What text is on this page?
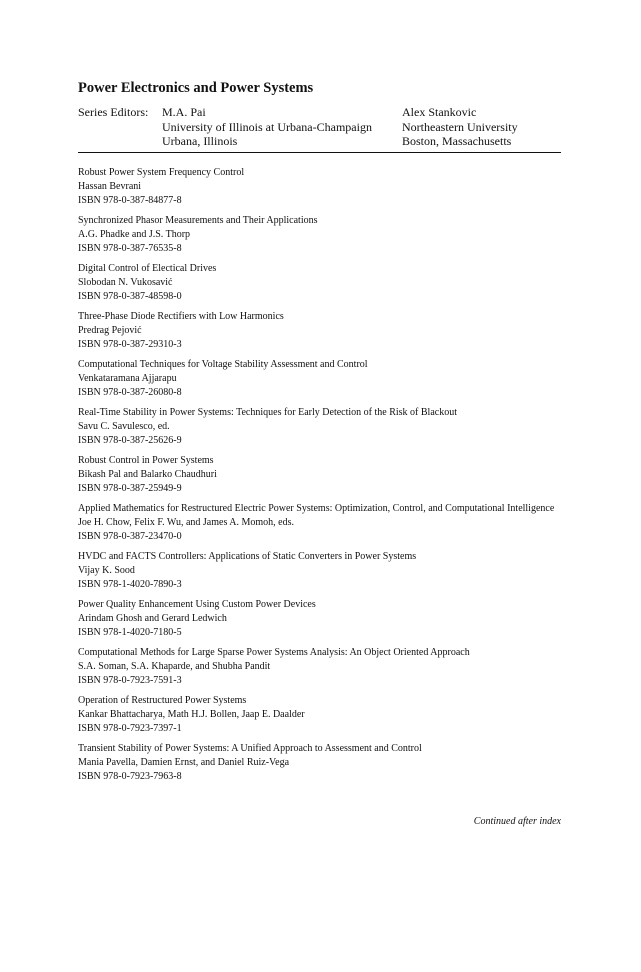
Power Electronics and Power Systems
Series Editors: M.A. Pai
University of Illinois at Urbana-Champaign
Urbana, Illinois
Alex Stankovic
Northeastern University
Boston, Massachusetts
Robust Power System Frequency Control
Hassan Bevrani
ISBN 978-0-387-84877-8
Synchronized Phasor Measurements and Their Applications
A.G. Phadke and J.S. Thorp
ISBN 978-0-387-76535-8
Digital Control of Electical Drives
Slobodan N. Vukosavić
ISBN 978-0-387-48598-0
Three-Phase Diode Rectifiers with Low Harmonics
Predrag Pejović
ISBN 978-0-387-29310-3
Computational Techniques for Voltage Stability Assessment and Control
Venkataramana Ajjarapu
ISBN 978-0-387-26080-8
Real-Time Stability in Power Systems: Techniques for Early Detection of the Risk of Blackout
Savu C. Savulesco, ed.
ISBN 978-0-387-25626-9
Robust Control in Power Systems
Bikash Pal and Balarko Chaudhuri
ISBN 978-0-387-25949-9
Applied Mathematics for Restructured Electric Power Systems: Optimization, Control, and Computational Intelligence
Joe H. Chow, Felix F. Wu, and James A. Momoh, eds.
ISBN 978-0-387-23470-0
HVDC and FACTS Controllers: Applications of Static Converters in Power Systems
Vijay K. Sood
ISBN 978-1-4020-7890-3
Power Quality Enhancement Using Custom Power Devices
Arindam Ghosh and Gerard Ledwich
ISBN 978-1-4020-7180-5
Computational Methods for Large Sparse Power Systems Analysis: An Object Oriented Approach
S.A. Soman, S.A. Khaparde, and Shubha Pandit
ISBN 978-0-7923-7591-3
Operation of Restructured Power Systems
Kankar Bhattacharya, Math H.J. Bollen, Jaap E. Daalder
ISBN 978-0-7923-7397-1
Transient Stability of Power Systems: A Unified Approach to Assessment and Control
Mania Pavella, Damien Ernst, and Daniel Ruiz-Vega
ISBN 978-0-7923-7963-8
Continued after index
